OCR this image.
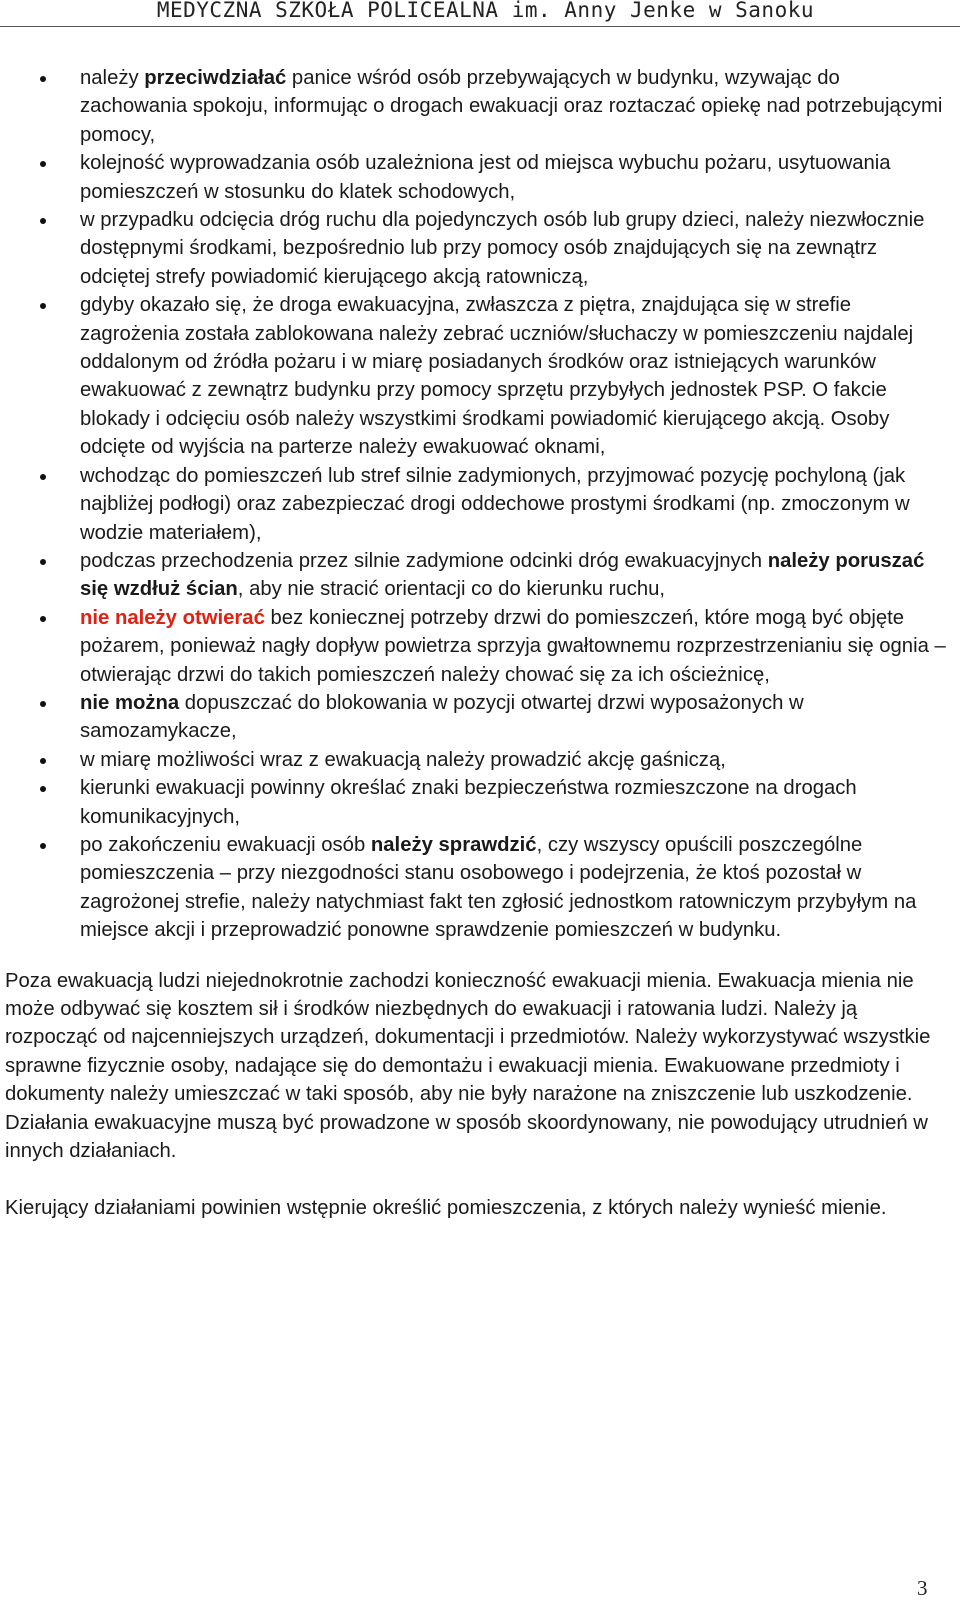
MEDYCZNA SZKOŁA POLICEALNA im. Anny Jenke w Sanoku
należy przeciwdziałać panice wśród osób przebywających w budynku, wzywając do zachowania spokoju, informując o drogach ewakuacji oraz roztaczać opiekę nad potrzebującymi pomocy,
kolejność wyprowadzania osób uzależniona jest od miejsca wybuchu pożaru, usytuowania pomieszczeń w stosunku do klatek schodowych,
w przypadku odcięcia dróg ruchu dla pojedynczych osób lub grupy dzieci, należy niezwłocznie dostępnymi środkami, bezpośrednio lub przy pomocy osób znajdujących się na zewnątrz odciętej strefy powiadomić kierującego akcją ratowniczą,
gdyby okazało się, że droga ewakuacyjna, zwłaszcza z piętra, znajdująca się w strefie zagrożenia została zablokowana należy zebrać uczniów/słuchaczy w pomieszczeniu najdalej oddalonym od źródła pożaru i w miarę posiadanych środków oraz istniejących warunków ewakuować z zewnątrz budynku przy pomocy sprzętu przybyłych jednostek PSP. O fakcie blokady i odcięciu osób należy wszystkimi środkami powiadomić kierującego akcją. Osoby odcięte od wyjścia na parterze należy ewakuować oknami,
wchodząc do pomieszczeń lub stref silnie zadymionych, przyjmować pozycję pochyloną (jak najbliżej podłogi) oraz zabezpieczać drogi oddechowe prostymi środkami (np. zmoczonym w wodzie materiałem),
podczas przechodzenia przez silnie zadymione odcinki dróg ewakuacyjnych należy poruszać się wzdłuż ścian, aby nie stracić orientacji co do kierunku ruchu,
nie należy otwierać bez koniecznej potrzeby drzwi do pomieszczeń, które mogą być objęte pożarem, ponieważ nagły dopływ powietrza sprzyja gwałtownemu rozprzestrzenianiu się ognia – otwierając drzwi do takich pomieszczeń należy chować się za ich ościeżnicę,
nie można dopuszczać do blokowania w pozycji otwartej drzwi wyposażonych w samozamykacze,
w miarę możliwości wraz z ewakuacją należy prowadzić akcję gaśniczą,
kierunki ewakuacji powinny określać znaki bezpieczeństwa rozmieszczone na drogach komunikacyjnych,
po zakończeniu ewakuacji osób należy sprawdzić, czy wszyscy opuścili poszczególne pomieszczenia – przy niezgodności stanu osobowego i podejrzenia, że ktoś pozostał w zagrożonej strefie, należy natychmiast fakt ten zgłosić jednostkom ratowniczym przybyłym na miejsce akcji i przeprowadzić ponowne sprawdzenie pomieszczeń w budynku.

Poza ewakuacją ludzi niejednokrotnie zachodzi konieczność ewakuacji mienia. Ewakuacja mienia nie może odbywać się kosztem sił i środków niezbędnych do ewakuacji i ratowania ludzi. Należy ją rozpocząć od najcenniejszych urządzeń, dokumentacji i przedmiotów. Należy wykorzystywać wszystkie sprawne fizycznie osoby, nadające się do demontażu i ewakuacji mienia. Ewakuowane przedmioty i dokumenty należy umieszczać w taki sposób, aby nie były narażone na zniszczenie lub uszkodzenie. Działania ewakuacyjne muszą być prowadzone w sposób skoordynowany, nie powodujący utrudnień w innych działaniach.

Kierujący działaniami powinien wstępnie określić pomieszczenia, z których należy wynieść mienie.

3
